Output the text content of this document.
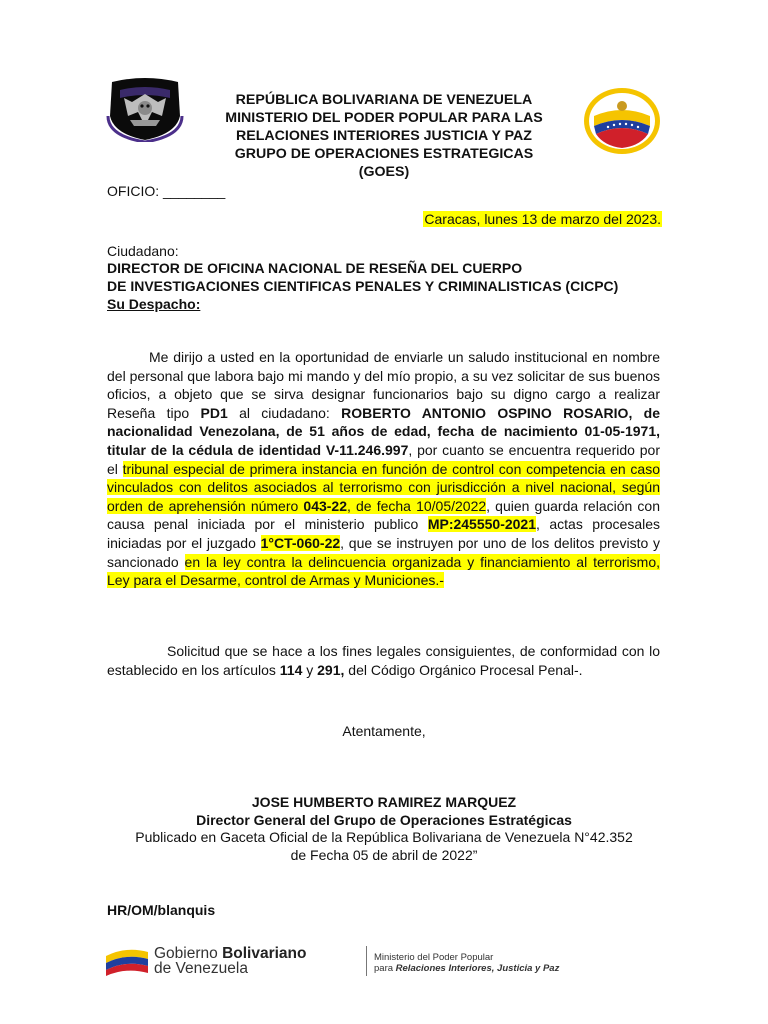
REPÚBLICA BOLIVARIANA DE VENEZUELA
MINISTERIO DEL PODER POPULAR PARA LAS
RELACIONES INTERIORES JUSTICIA Y PAZ
GRUPO DE OPERACIONES ESTRATEGICAS
(GOES)
OFICIO: ________
Caracas, lunes 13 de marzo del 2023.
Ciudadano:
DIRECTOR DE OFICINA NACIONAL DE RESEÑA DEL CUERPO
DE INVESTIGACIONES CIENTIFICAS PENALES Y CRIMINALISTICAS (CICPC)
Su Despacho:
Me dirijo a usted en la oportunidad de enviarle un saludo institucional en nombre del personal que labora bajo mi mando y del mío propio, a su vez solicitar de sus buenos oficios, a objeto que se sirva designar funcionarios bajo su digno cargo a realizar Reseña tipo PD1 al ciudadano: ROBERTO ANTONIO OSPINO ROSARIO, de nacionalidad Venezolana, de 51 años de edad, fecha de nacimiento 01-05-1971, titular de la cédula de identidad V-11.246.997, por cuanto se encuentra requerido por el tribunal especial de primera instancia en función de control con competencia en caso vinculados con delitos asociados al terrorismo con jurisdicción a nivel nacional, según orden de aprehensión número 043-22, de fecha 10/05/2022, quien guarda relación con causa penal iniciada por el ministerio publico MP:245550-2021, actas procesales iniciadas por el juzgado 1°CT-060-22, que se instruyen por uno de los delitos previsto y sancionado en la ley contra la delincuencia organizada y financiamiento al terrorismo, Ley para el Desarme, control de Armas y Municiones.-
Solicitud que se hace a los fines legales consiguientes, de conformidad con lo establecido en los artículos 114 y 291, del Código Orgánico Procesal Penal-.
Atentamente,
JOSE HUMBERTO RAMIREZ MARQUEZ
Director General del Grupo de Operaciones Estratégicas
Publicado en Gaceta Oficial de la República Bolivariana de Venezuela N°42.352
de Fecha 05 de abril de 2022”
HR/OM/blanquis
Gobierno Bolivariano
de Venezuela
Ministerio del Poder Popular
para Relaciones Interiores, Justicia y Paz
